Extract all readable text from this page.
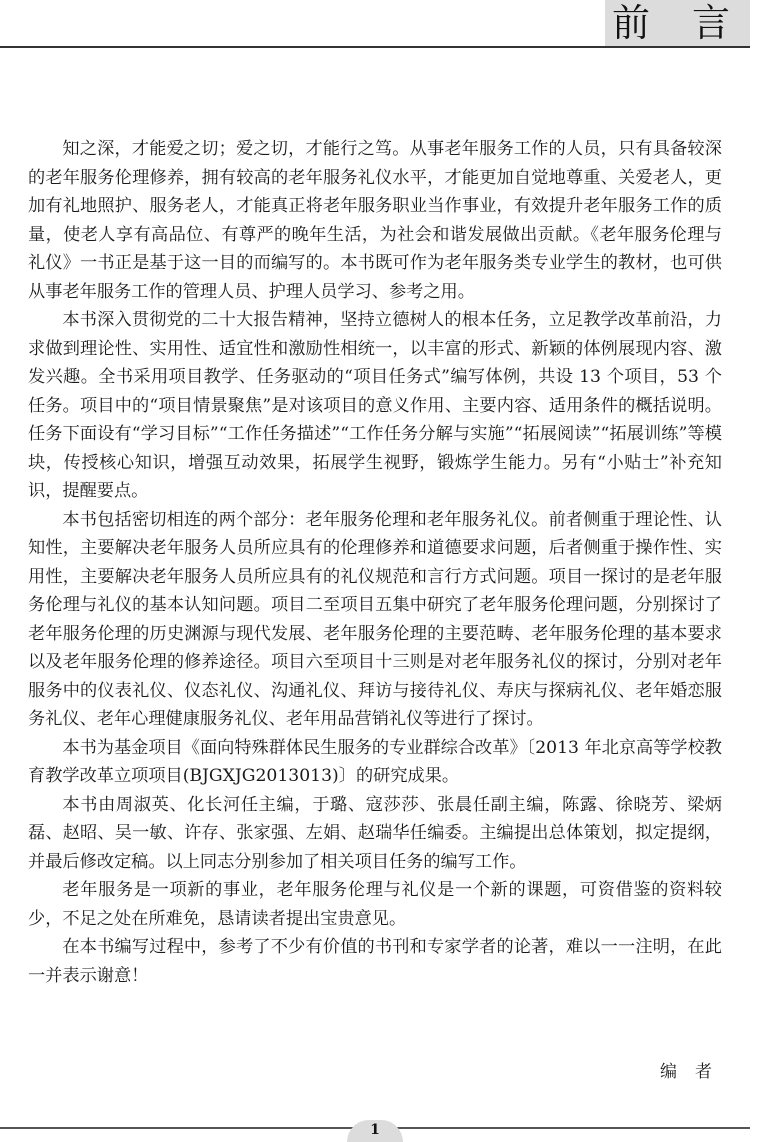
前言

知之深，才能爱之切；爱之切，才能行之笃。从事老年服务工作的人员，只有具备较深的老年服务伦理修养，拥有较高的老年服务礼仪水平，才能更加自觉地尊重、关爱老人，更加有礼地照护、服务老人，才能真正将老年服务职业当作事业，有效提升老年服务工作的质量，使老人享有高品位、有尊严的晚年生活，为社会和谐发展做出贡献。《老年服务伦理与礼仪》一书正是基于这一目的而编写的。本书既可作为老年服务类专业学生的教材，也可供从事老年服务工作的管理人员、护理人员学习、参考之用。

本书深入贯彻党的二十大报告精神，坚持立德树人的根本任务，立足教学改革前沿，力求做到理论性、实用性、适宜性和激励性相统一，以丰富的形式、新颖的体例展现内容、激发兴趣。全书采用项目教学、任务驱动的“项目任务式”编写体例，共设 13 个项目，53 个任务。项目中的“项目情景聚焦”是对该项目的意义作用、主要内容、适用条件的概括说明。任务下面设有“学习目标”“工作任务描述”“工作任务分解与实施”“拓展阅读”“拓展训练”等模块，传授核心知识，增强互动效果，拓展学生视野，锻炼学生能力。另有“小贴士”补充知识，提醒要点。

本书包括密切相连的两个部分：老年服务伦理和老年服务礼仪。前者侧重于理论性、认知性，主要解决老年服务人员所应具有的伦理修养和道德要求问题，后者侧重于操作性、实用性，主要解决老年服务人员所应具有的礼仪规范和言行方式问题。项目一探讨的是老年服务伦理与礼仪的基本认知问题。项目二至项目五集中研究了老年服务伦理问题，分别探讨了老年服务伦理的历史渊源与现代发展、老年服务伦理的主要范畴、老年服务伦理的基本要求以及老年服务伦理的修养途径。项目六至项目十三则是对老年服务礼仪的探讨，分别对老年服务中的仪表礼仪、仪态礼仪、沟通礼仪、拜访与接待礼仪、寿庆与探病礼仪、老年婚恋服务礼仪、老年心理健康服务礼仪、老年用品营销礼仪等进行了探讨。

本书为基金项目《面向特殊群体民生服务的专业群综合改革》〔2013 年北京高等学校教育教学改革立项项目(BJGXJG2013013)〕的研究成果。

本书由周淑英、化长河任主编，于璐、寇莎莎、张晨任副主编，陈露、徐晓芳、梁炳磊、赵昭、吴一敏、许存、张家强、左娟、赵瑞华任编委。主编提出总体策划，拟定提纲，并最后修改定稿。以上同志分别参加了相关项目任务的编写工作。

老年服务是一项新的事业，老年服务伦理与礼仪是一个新的课题，可资借鉴的资料较少，不足之处在所难免，恳请读者提出宝贵意见。

在本书编写过程中，参考了不少有价值的书刊和专家学者的论著，难以一一注明，在此一并表示谢意！

编者
1
